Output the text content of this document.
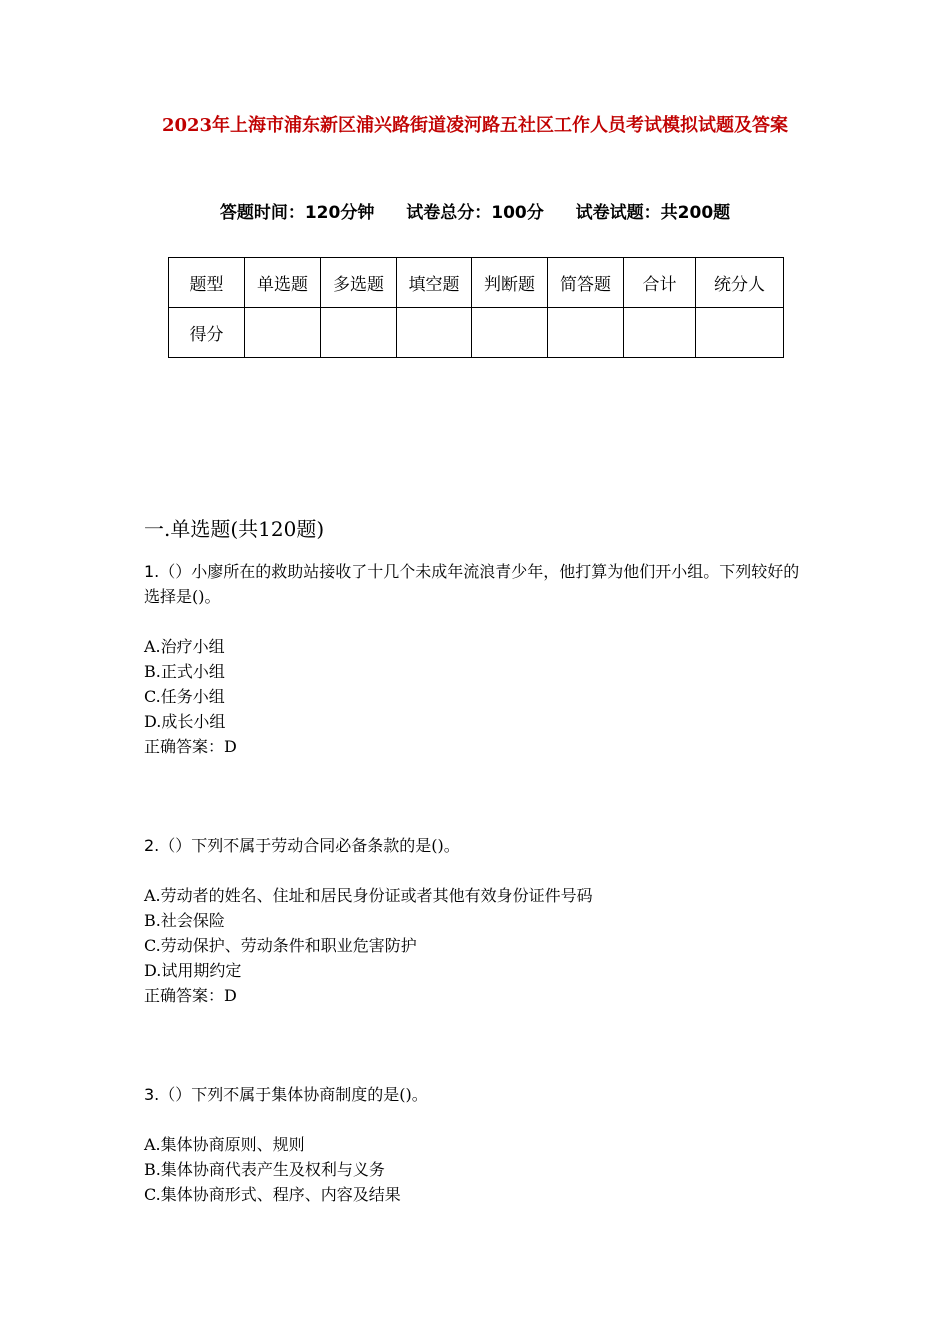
2023年上海市浦东新区浦兴路街道凌河路五社区工作人员考试模拟试题及答案
答题时间：120分钟 试卷总分：100分 试卷试题：共200题
题型	单选题	多选题	填空题	判断题	简答题	合计	统分人
得分							
一.单选题(共120题)
1.（）小廖所在的救助站接收了十几个未成年流浪青少年，他打算为他们开小组。下列较好的选择是()。
A.治疗小组
B.正式小组
C.任务小组
D.成长小组
正确答案：D
2.（）下列不属于劳动合同必备条款的是()。
A.劳动者的姓名、住址和居民身份证或者其他有效身份证件号码
B.社会保险
C.劳动保护、劳动条件和职业危害防护
D.试用期约定
正确答案：D
3.（）下列不属于集体协商制度的是()。
A.集体协商原则、规则
B.集体协商代表产生及权利与义务
C.集体协商形式、程序、内容及结果
